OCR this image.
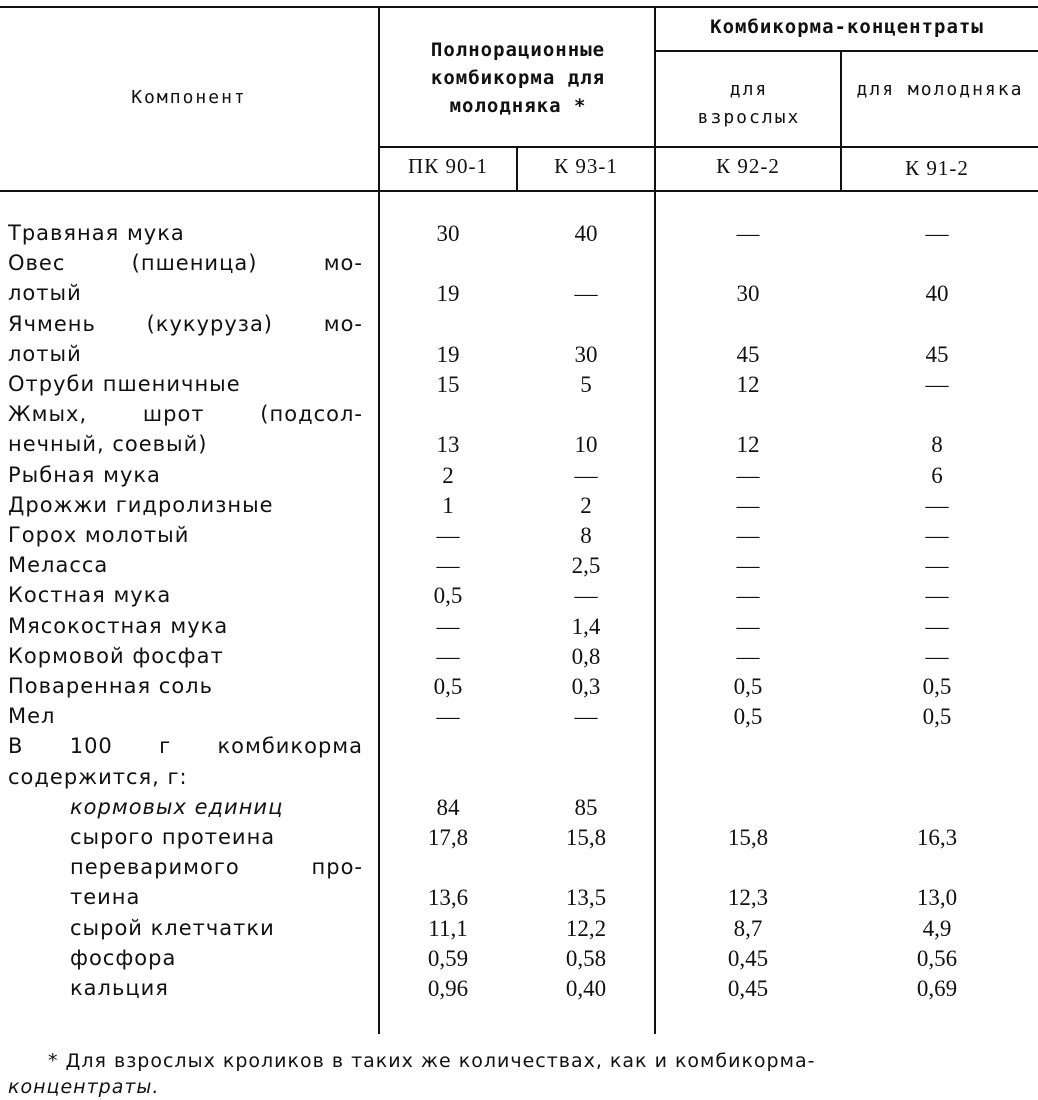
Компонент
Полнорационные комбикорма для молодняка *
Комбикорма-концентраты
для взрослых
для молодняка
ПК 90-1	К 93-1	К 92-2	К 91-2
Травяная мука	30	40	—	—
Овес (пшеница) мо-
лотый	19	—	30	40
Ячмень (кукуруза) мо-
лотый	19	30	45	45
Отруби пшеничные	15	5	12	—
Жмых, шрот (подсол-
нечный, соевый)	13	10	12	8
Рыбная мука	2	—	—	6
Дрожжи гидролизные	1	2	—	—
Горох молотый	—	8	—	—
Меласса	—	2,5	—	—
Костная мука	0,5	—	—	—
Мясокостная мука	—	1,4	—	—
Кормовой фосфат	—	0,8	—	—
Поваренная соль	0,5	0,3	0,5	0,5
Мел	—	—	0,5	0,5
В 100 г комбикорма
содержится, г:
кормовых единиц	84	85
сырого протеина	17,8	15,8	15,8	16,3
переваримого про-
теина	13,6	13,5	12,3	13,0
сырой клетчатки	11,1	12,2	8,7	4,9
фосфора	0,59	0,58	0,45	0,56
кальция	0,96	0,40	0,45	0,69
* Для взрослых кроликов в таких же количествах, как и комбикорма-
концентраты.
